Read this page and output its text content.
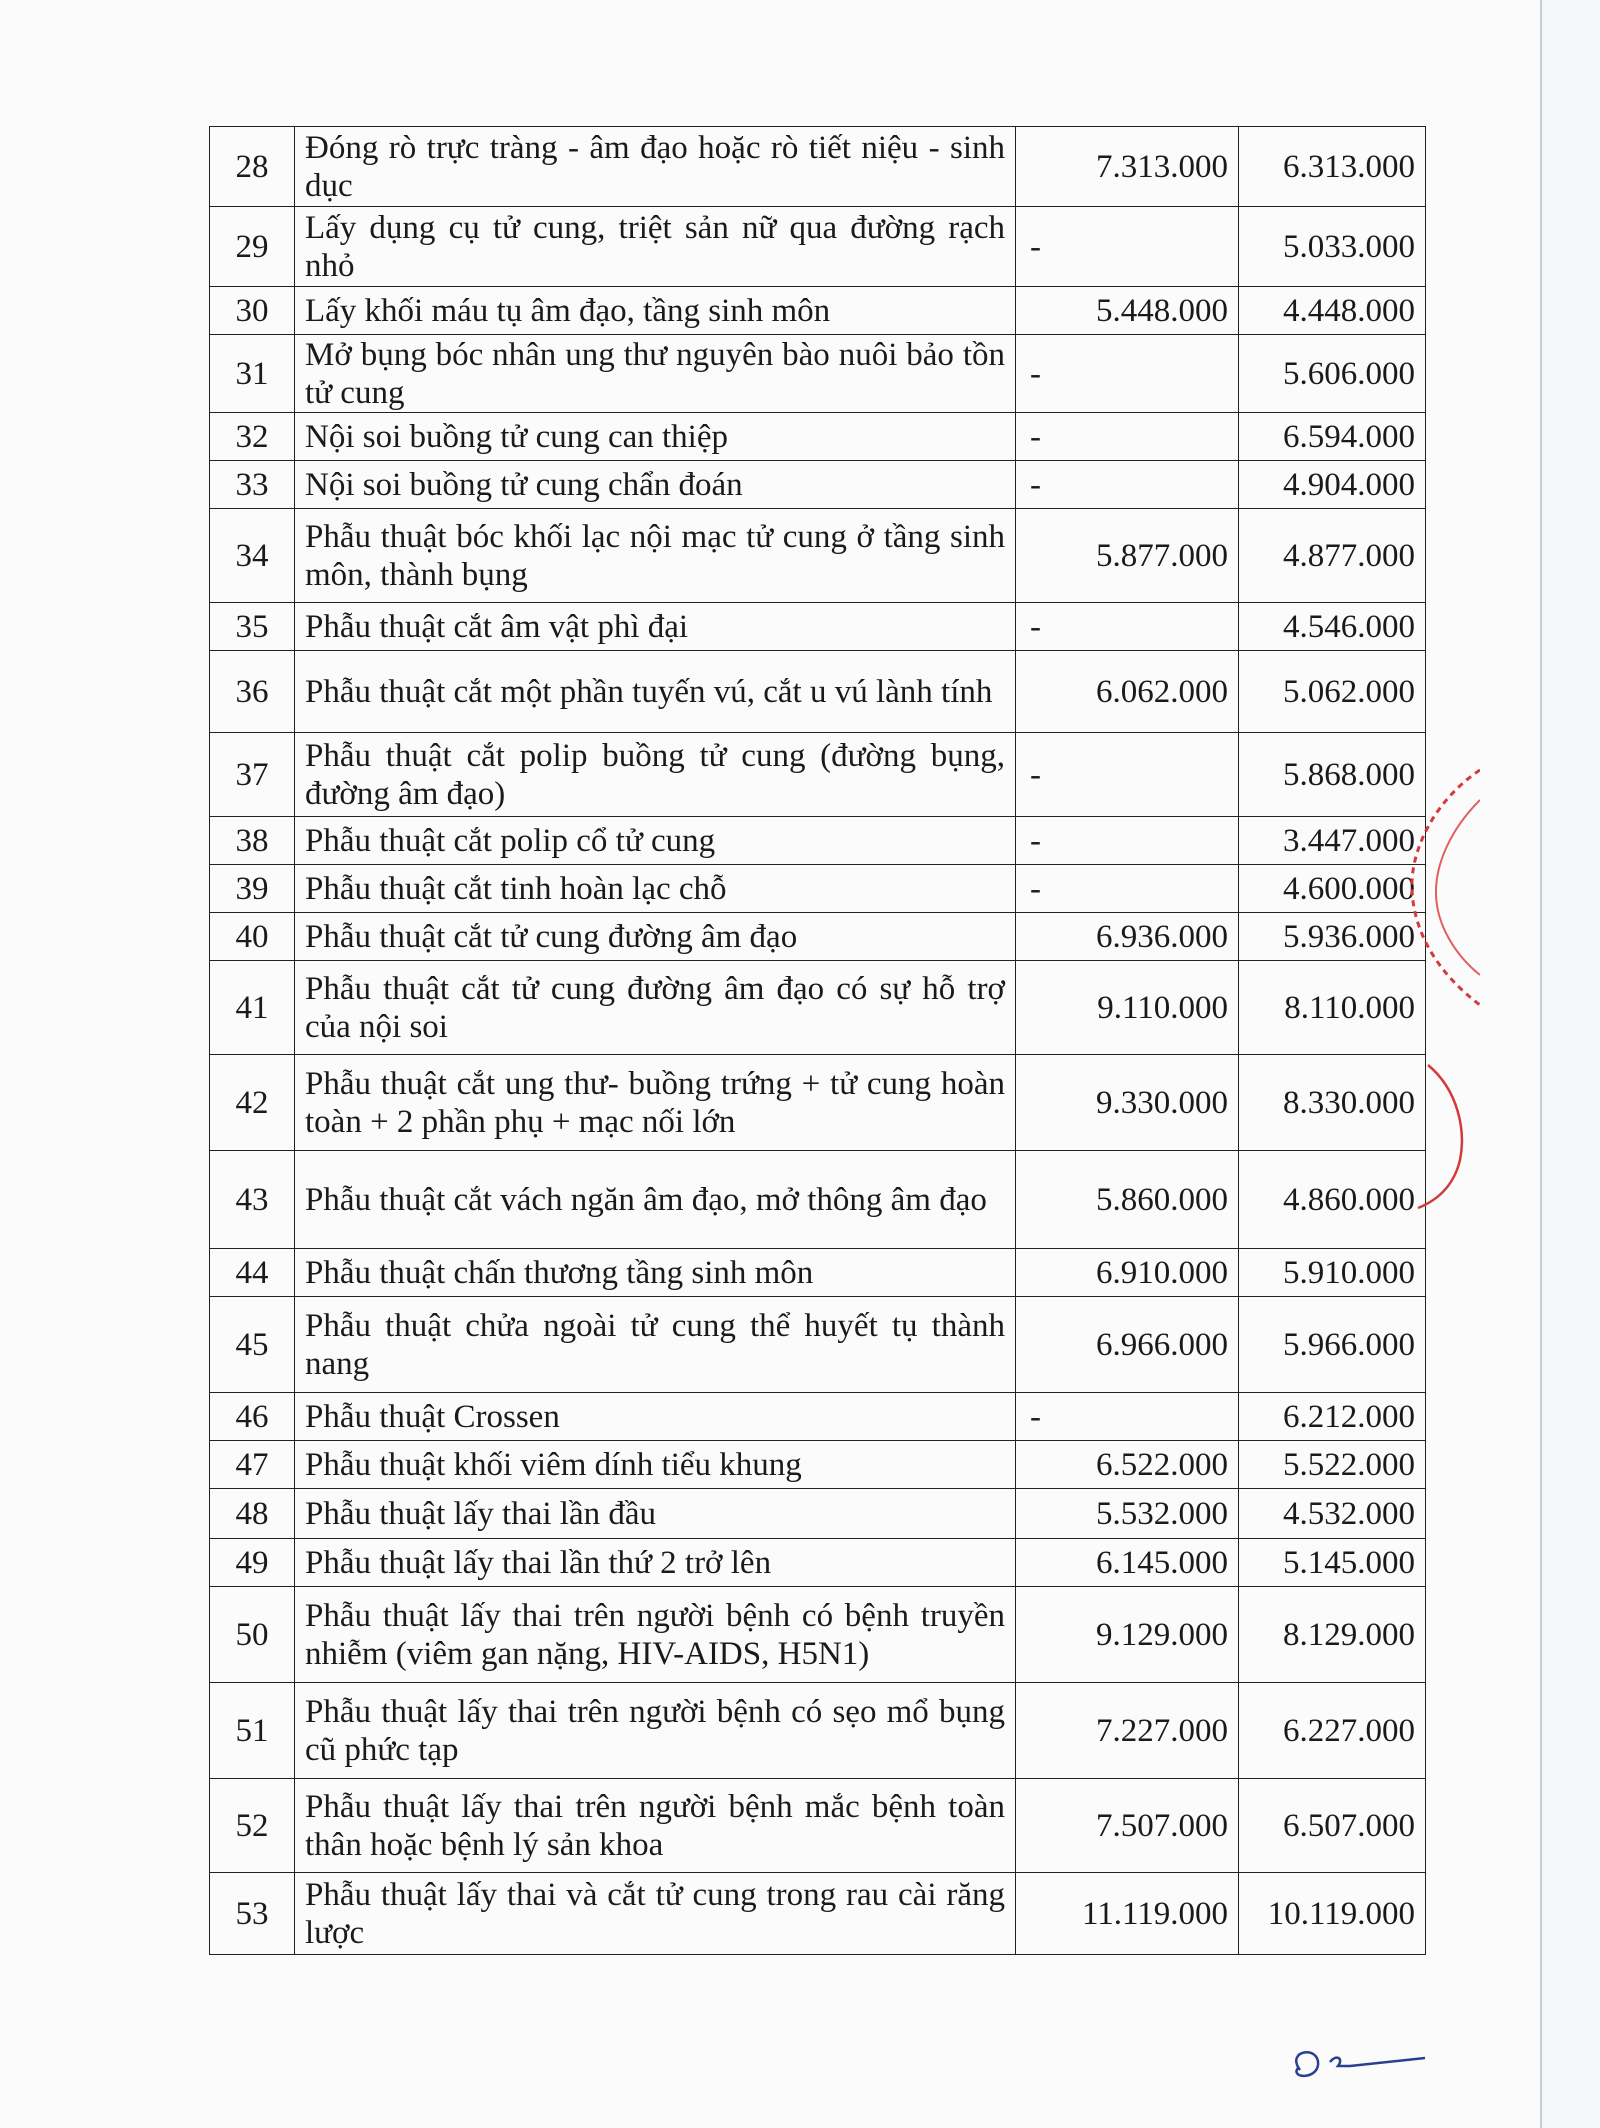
28	Đóng rò trực tràng - âm đạo hoặc rò tiết niệu - sinh dục	7.313.000	6.313.000
29	Lấy dụng cụ tử cung, triệt sản nữ qua đường rạch nhỏ	-	5.033.000
30	Lấy khối máu tụ âm đạo, tầng sinh môn	5.448.000	4.448.000
31	Mở bụng bóc nhân ung thư nguyên bào nuôi bảo tồn tử cung	-	5.606.000
32	Nội soi buồng tử cung can thiệp	-	6.594.000
33	Nội soi buồng tử cung chẩn đoán	-	4.904.000
34	Phẫu thuật bóc khối lạc nội mạc tử cung ở tầng sinh môn, thành bụng	5.877.000	4.877.000
35	Phẫu thuật cắt âm vật phì đại	-	4.546.000
36	Phẫu thuật cắt một phần tuyến vú, cắt u vú lành tính	6.062.000	5.062.000
37	Phẫu thuật cắt polip buồng tử cung (đường bụng, đường âm đạo)	-	5.868.000
38	Phẫu thuật cắt polip cổ tử cung	-	3.447.000
39	Phẫu thuật cắt tinh hoàn lạc chỗ	-	4.600.000
40	Phẫu thuật cắt tử cung đường âm đạo	6.936.000	5.936.000
41	Phẫu thuật cắt tử cung đường âm đạo có sự hỗ trợ của nội soi	9.110.000	8.110.000
42	Phẫu thuật cắt ung thư- buồng trứng + tử cung hoàn toàn + 2 phần phụ + mạc nối lớn	9.330.000	8.330.000
43	Phẫu thuật cắt vách ngăn âm đạo, mở thông âm đạo	5.860.000	4.860.000
44	Phẫu thuật chấn thương tầng sinh môn	6.910.000	5.910.000
45	Phẫu thuật chửa ngoài tử cung thể huyết tụ thành nang	6.966.000	5.966.000
46	Phẫu thuật Crossen	-	6.212.000
47	Phẫu thuật khối viêm dính tiểu khung	6.522.000	5.522.000
48	Phẫu thuật lấy thai lần đầu	5.532.000	4.532.000
49	Phẫu thuật lấy thai lần thứ 2 trở lên	6.145.000	5.145.000
50	Phẫu thuật lấy thai trên người bệnh có bệnh truyền nhiễm (viêm gan nặng, HIV-AIDS, H5N1)	9.129.000	8.129.000
51	Phẫu thuật lấy thai trên người bệnh có sẹo mổ bụng cũ phức tạp	7.227.000	6.227.000
52	Phẫu thuật lấy thai trên người bệnh mắc bệnh toàn thân hoặc bệnh lý sản khoa	7.507.000	6.507.000
53	Phẫu thuật lấy thai và cắt tử cung trong rau cài răng lược	11.119.000	10.119.000
